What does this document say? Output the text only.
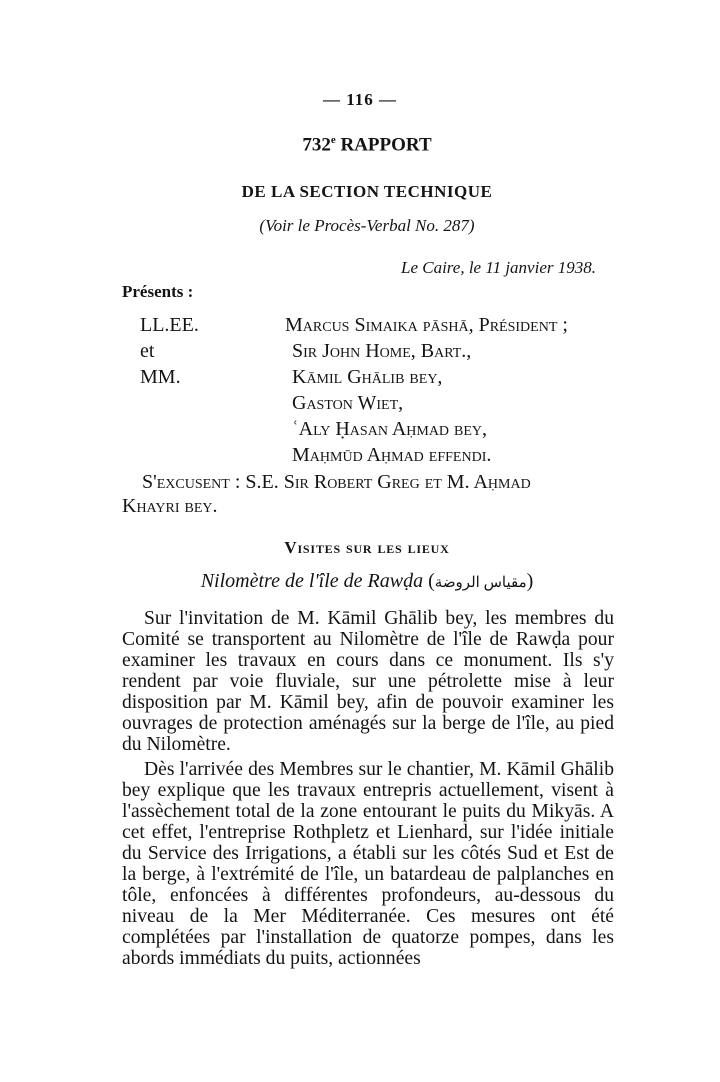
— 116 —
732e RAPPORT
DE LA SECTION TECHNIQUE
(Voir le Procès-Verbal No. 287)
Le Caire, le 11 janvier 1938.
Présents :
LL.EE. et MM.
Marcus Simaika pāshā, Président ;
Sir John Home, Bart.,
Kāmil Ghālib bey,
Gaston Wiet,
ʿAly Ḥasan Aḥmad bey,
Maḥmūd Aḥmad effendi.
S'excusent : S.E. Sir Robert Greg et M. Aḥmad
Khayri bey.
Visites sur les lieux
Nilomètre de l'île de Rawḍa (مقياس الروضة)

Sur l'invitation de M. Kāmil Ghālib bey, les membres du Comité se transportent au Nilomètre de l'île de Rawḍa pour examiner les travaux en cours dans ce monument. Ils s'y rendent par voie fluviale, sur une pétrolette mise à leur disposition par M. Kāmil bey, afin de pouvoir examiner les ouvrages de protection aménagés sur la berge de l'île, au pied du Nilomètre.

Dès l'arrivée des Membres sur le chantier, M. Kāmil Ghālib bey explique que les travaux entrepris actuellement, visent à l'assèchement total de la zone entourant le puits du Mikyās. A cet effet, l'entreprise Rothpletz et Lienhard, sur l'idée initiale du Service des Irrigations, a établi sur les côtés Sud et Est de la berge, à l'extrémité de l'île, un batardeau de palplanches en tôle, enfoncées à différentes profondeurs, au-dessous du niveau de la Mer Méditerranée. Ces mesures ont été complétées par l'installation de quatorze pompes, dans les abords immédiats du puits, actionnées
